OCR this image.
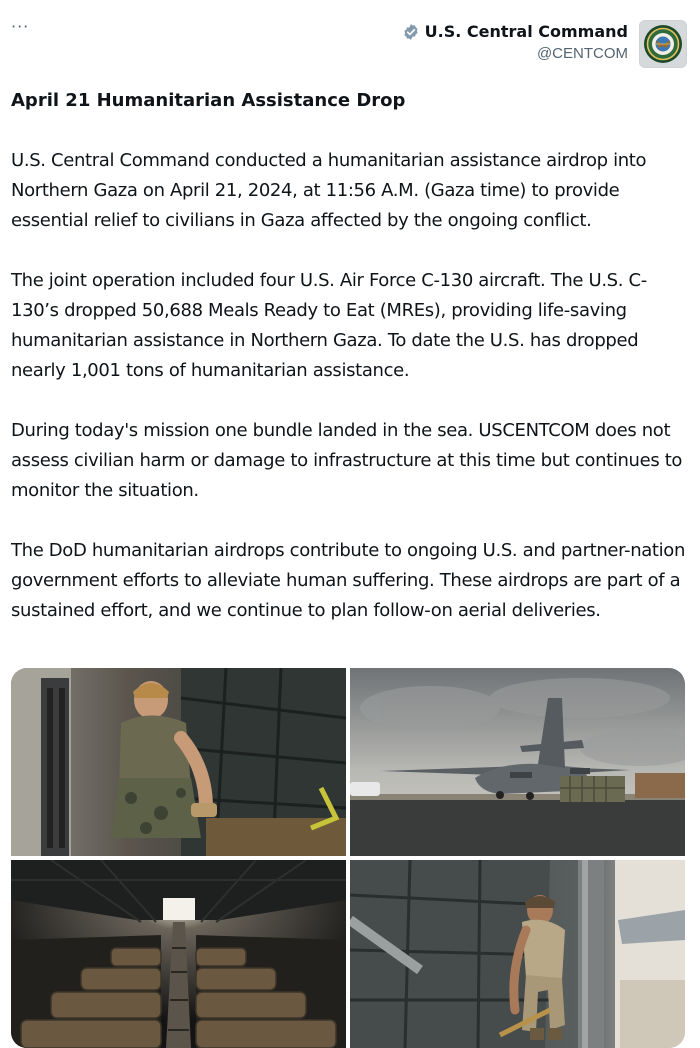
···	U.S. Central Command
@CENTCOM
April 21 Humanitarian Assistance Drop

U.S. Central Command conducted a humanitarian assistance airdrop into Northern Gaza on April 21, 2024, at 11:56 A.M. (Gaza time) to provide essential relief to civilians in Gaza affected by the ongoing conflict.

The joint operation included four U.S. Air Force C-130 aircraft. The U.S. C-130’s dropped 50,688 Meals Ready to Eat (MREs), providing life-saving humanitarian assistance in Northern Gaza. To date the U.S. has dropped nearly 1,001 tons of humanitarian assistance.

During today's mission one bundle landed in the sea. USCENTCOM does not assess civilian harm or damage to infrastructure at this time but continues to monitor the situation.

The DoD humanitarian airdrops contribute to ongoing U.S. and partner-nation government efforts to alleviate human suffering. These airdrops are part of a sustained effort, and we continue to plan follow-on aerial deliveries.
